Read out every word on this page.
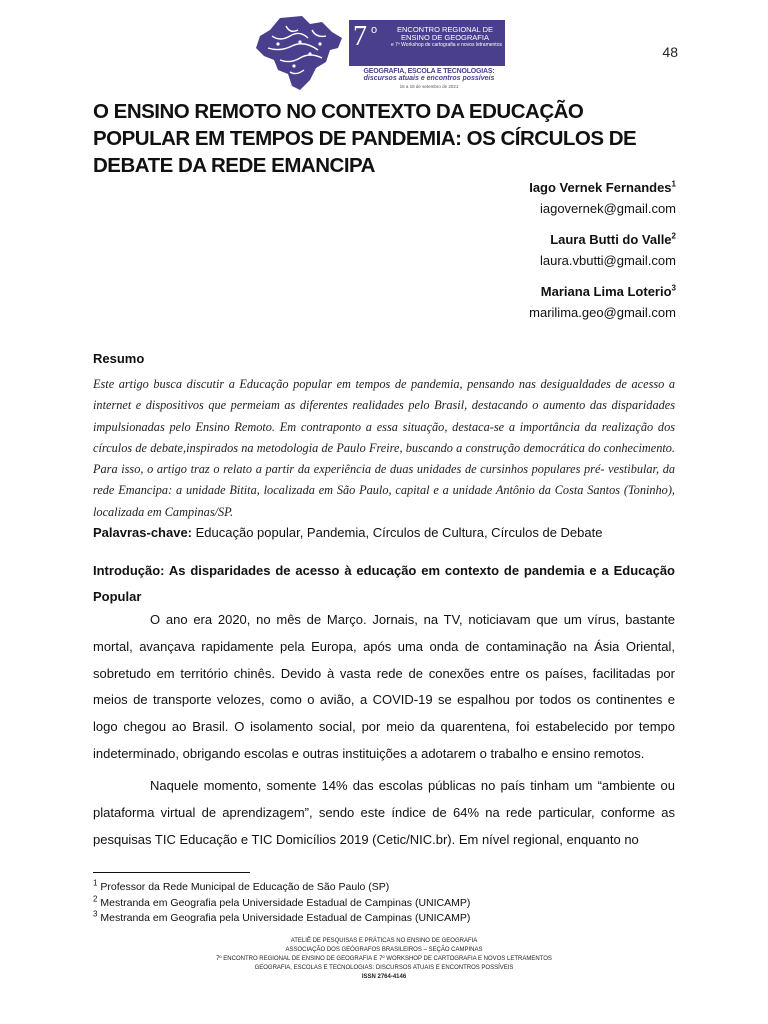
7 o	ENCONTRO REGIONAL DE ENSINO DE GEOGRAFIA
e 7º Workshop de cartografia e novos letramentos
GEOGRAFIA, ESCOLA E TECNOLOGIAS:
discursos atuais e encontros possíveis
16 a 18 de setembro de 2021
48
O ENSINO REMOTO NO CONTEXTO DA EDUCAÇÃO POPULAR EM TEMPOS DE PANDEMIA: OS CÍRCULOS DE DEBATE DA REDE EMANCIPA
Iago Vernek Fernandes$^1$
iagovernek@gmail.com
Laura Butti do Valle$^2$
laura.vbutti@gmail.com
Mariana Lima Loterio$^3$
marilima.geo@gmail.com
Resumo
Este artigo busca discutir a Educação popular em tempos de pandemia, pensando nas desigualdades de acesso a internet e dispositivos que permeiam as diferentes realidades pelo Brasil, destacando o aumento das disparidades impulsionadas pelo Ensino Remoto. Em contraponto a essa situação, destaca-se a importância da realização dos círculos de debate,inspirados na metodologia de Paulo Freire, buscando a construção democrática do conhecimento. Para isso, o artigo traz o relato a partir da experiência de duas unidades de cursinhos populares pré- vestibular, da rede Emancipa: a unidade Bitita, localizada em São Paulo, capital e a unidade Antônio da Costa Santos (Toninho), localizada em Campinas/SP.
Palavras-chave: Educação popular, Pandemia, Círculos de Cultura, Círculos de Debate
Introdução: As disparidades de acesso à educação em contexto de pandemia e a Educação Popular
O ano era 2020, no mês de Março. Jornais, na TV, noticiavam que um vírus, bastante mortal, avançava rapidamente pela Europa, após uma onda de contaminação na Ásia Oriental, sobretudo em território chinês. Devido à vasta rede de conexões entre os países, facilitadas por meios de transporte velozes, como o avião, a COVID-19 se espalhou por todos os continentes e logo chegou ao Brasil. O isolamento social, por meio da quarentena, foi estabelecido por tempo indeterminado, obrigando escolas e outras instituições a adotarem o trabalho e ensino remotos.
Naquele momento, somente 14% das escolas públicas no país tinham um “ambiente ou plataforma virtual de aprendizagem”, sendo este índice de 64% na rede particular, conforme as pesquisas TIC Educação e TIC Domicílios 2019 (Cetic/NIC.br). Em nível regional, enquanto no
$^1$ Professor da Rede Municipal de Educação de São Paulo (SP)
$^2$ Mestranda em Geografia pela Universidade Estadual de Campinas (UNICAMP)
$^3$ Mestranda em Geografia pela Universidade Estadual de Campinas (UNICAMP)
ATELIÊ DE PESQUISAS E PRÁTICAS NO ENSINO DE GEOGRAFIA
ASSOCIAÇÃO DOS GEÓGRAFOS BRASILEIROS – SEÇÃO CAMPINAS
7º ENCONTRO REGIONAL DE ENSINO DE GEOGRAFIA E 7º WORKSHOP DE CARTOGRAFIA E NOVOS LETRAMENTOS
GEOGRAFIA, ESCOLAS E TECNOLOGIAS: DISCURSOS ATUAIS E ENCONTROS POSSÍVEIS
ISSN 2764-4146
